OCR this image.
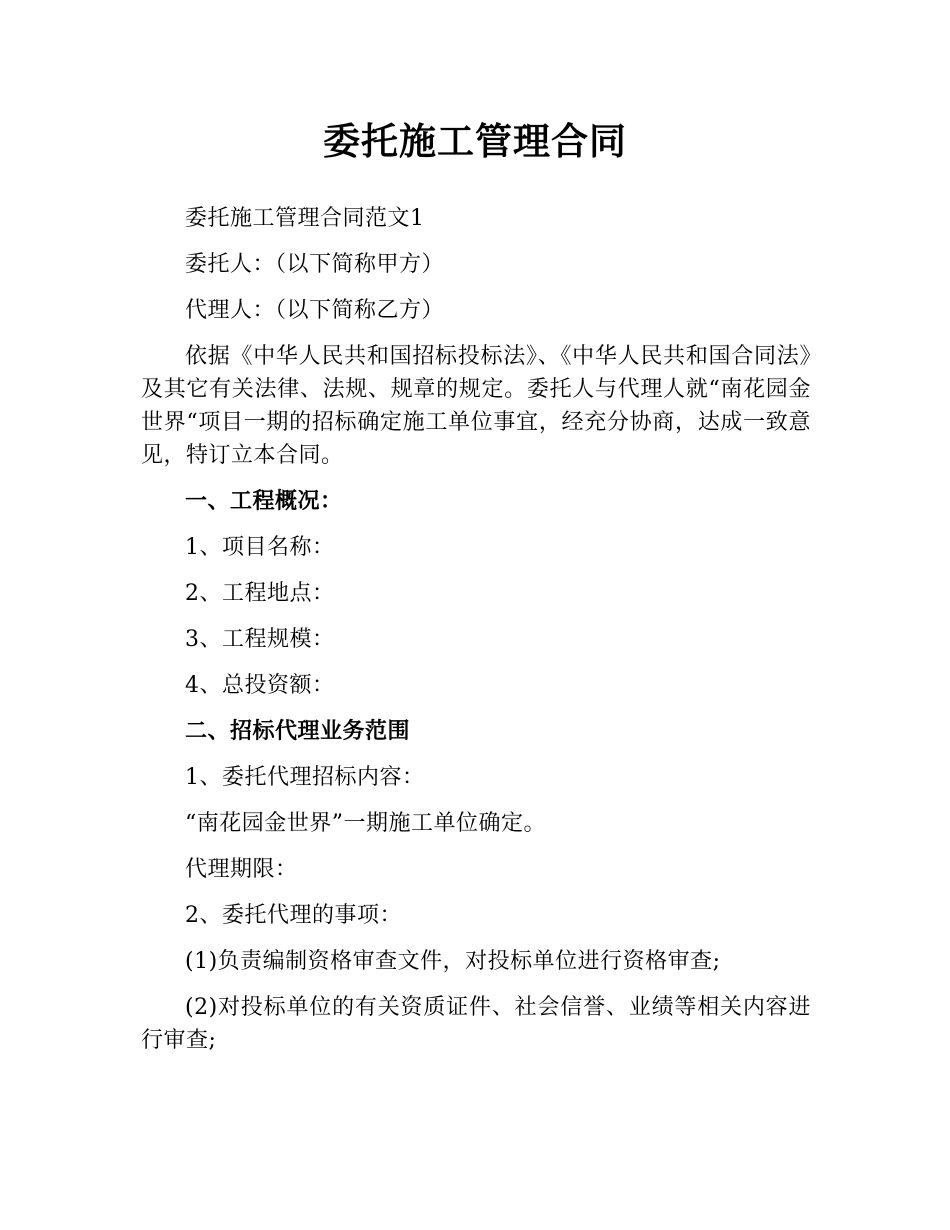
委托施工管理合同

委托施工管理合同范文1

委托人：（以下简称甲方）

代理人：（以下简称乙方）

依据《中华人民共和国招标投标法》、《中华人民共和国合同法》及其它有关法律、法规、规章的规定。委托人与代理人就“南花园金世界“项目一期的招标确定施工单位事宜，经充分协商，达成一致意见，特订立本合同。

一、工程概况：

1、项目名称：

2、工程地点：

3、工程规模：

4、总投资额：

二、招标代理业务范围

1、委托代理招标内容：

“南花园金世界”一期施工单位确定。

代理期限：

2、委托代理的事项：

(1)负责编制资格审查文件，对投标单位进行资格审查;

(2)对投标单位的有关资质证件、社会信誉、业绩等相关内容进行审查;
